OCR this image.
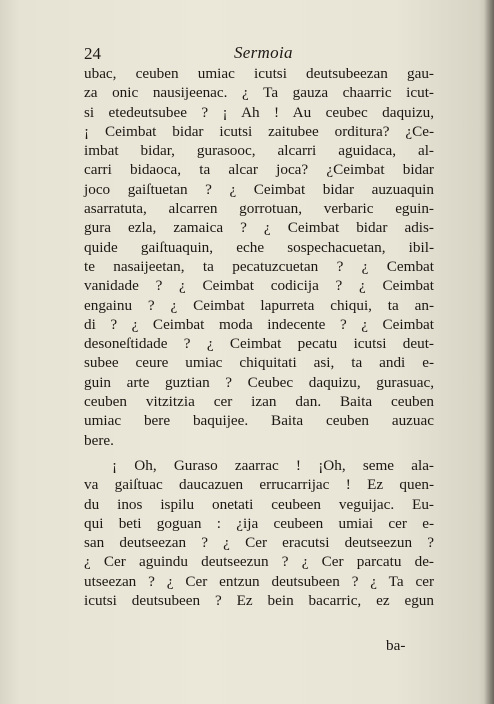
24	Sermoia
ubac, ceuben umiac icutsi deutsubeezan gau-
za onic nausijeenac. ¿ Ta gauza chaarric icut-
si etedeutsubee ? ¡ Ah ! Au ceubec daquizu,
¡ Ceimbat bidar icutsi zaitubee orditura? ¿Ce-
imbat bidar, gurasooc, alcarri aguidaca, al-
carri bidaoca, ta alcar joca? ¿Ceimbat bidar
joco gaiſtuetan ? ¿ Ceimbat bidar auzuaquin
asarratuta, alcarren gorrotuan, verbaric eguin-
gura ezla, zamaica ? ¿ Ceimbat bidar adis-
quide gaiſtuaquin, eche sospechacuetan, ibil-
te nasaijeetan, ta pecatuzcuetan ? ¿ Cembat
vanidade ? ¿ Ceimbat codicija ? ¿ Ceimbat
engainu ? ¿ Ceimbat lapurreta chiqui, ta an-
di ? ¿ Ceimbat moda indecente ? ¿ Ceimbat
desoneſtidade ? ¿ Ceimbat pecatu icutsi deut-
subee ceure umiac chiquitati asi, ta andi e-
guin arte guztian ? Ceubec daquizu, gurasuac,
ceuben vitzitzia cer izan dan. Baita ceuben
umiac bere baquijee. Baita ceuben auzuac
bere.
¡ Oh, Guraso zaarrac ! ¡Oh, seme ala-
va gaiſtuac daucazuen errucarrijac ! Ez quen-
du inos ispilu onetati ceubeen veguijac. Eu-
qui beti goguan : ¿ija ceubeen umiai cer e-
san deutseezan ? ¿ Cer eracutsi deutseezun ?
¿ Cer aguindu deutseezun ? ¿ Cer parcatu de-
utseezan ? ¿ Cer entzun deutsubeen ? ¿ Ta cer
icutsi deutsubeen ? Ez bein bacarric, ez egun
ba-
